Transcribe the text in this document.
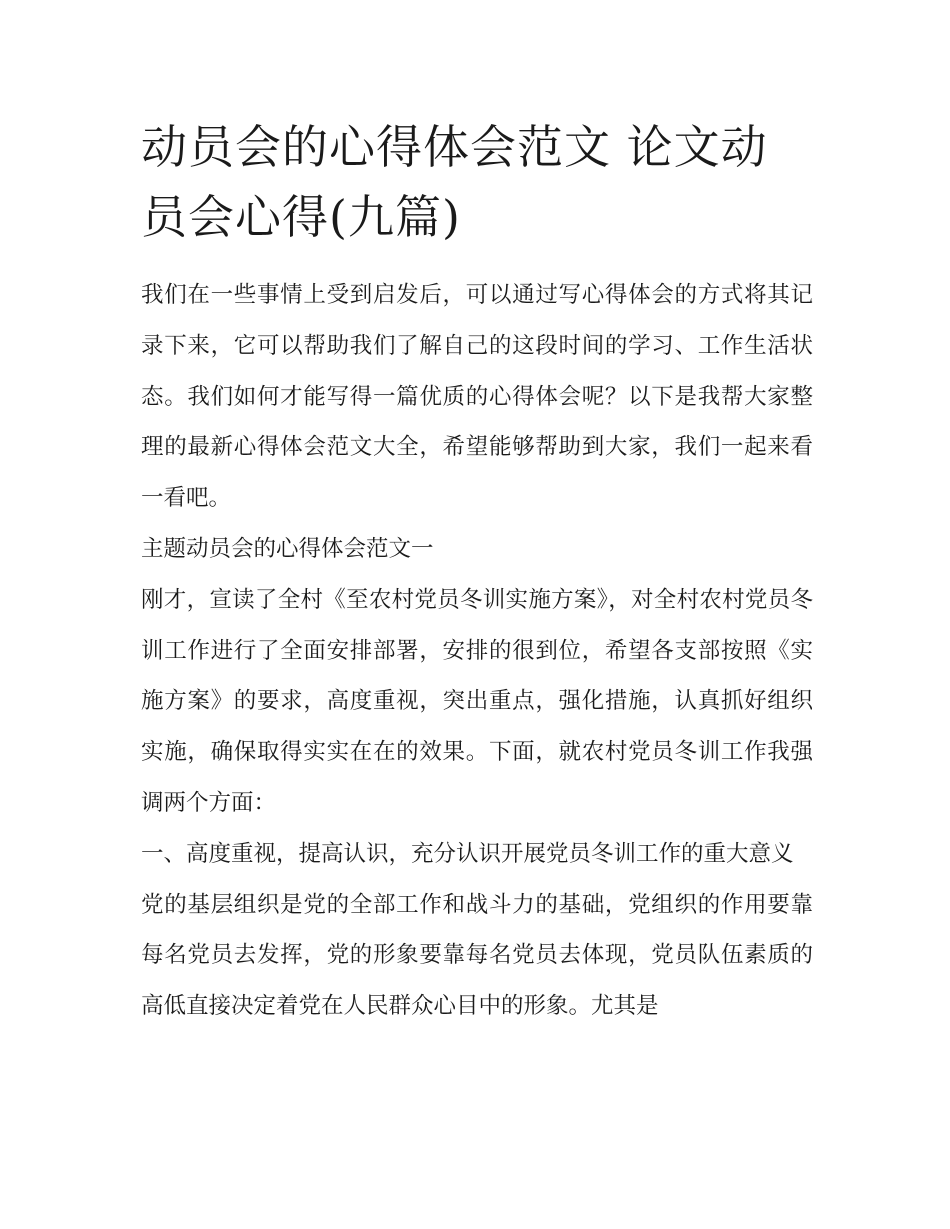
动员会的心得体会范文 论文动员会心得(九篇)

我们在一些事情上受到启发后，可以通过写心得体会的方式将其记录下来，它可以帮助我们了解自己的这段时间的学习、工作生活状态。我们如何才能写得一篇优质的心得体会呢？以下是我帮大家整理的最新心得体会范文大全，希望能够帮助到大家，我们一起来看一看吧。

主题动员会的心得体会范文一

刚才，宣读了全村《至农村党员冬训实施方案》，对全村农村党员冬训工作进行了全面安排部署，安排的很到位，希望各支部按照《实施方案》的要求，高度重视，突出重点，强化措施，认真抓好组织实施，确保取得实实在在的效果。下面，就农村党员冬训工作我强调两个方面：

一、高度重视，提高认识，充分认识开展党员冬训工作的重大意义

党的基层组织是党的全部工作和战斗力的基础，党组织的作用要靠每名党员去发挥，党的形象要靠每名党员去体现，党员队伍素质的高低直接决定着党在人民群众心目中的形象。尤其是
